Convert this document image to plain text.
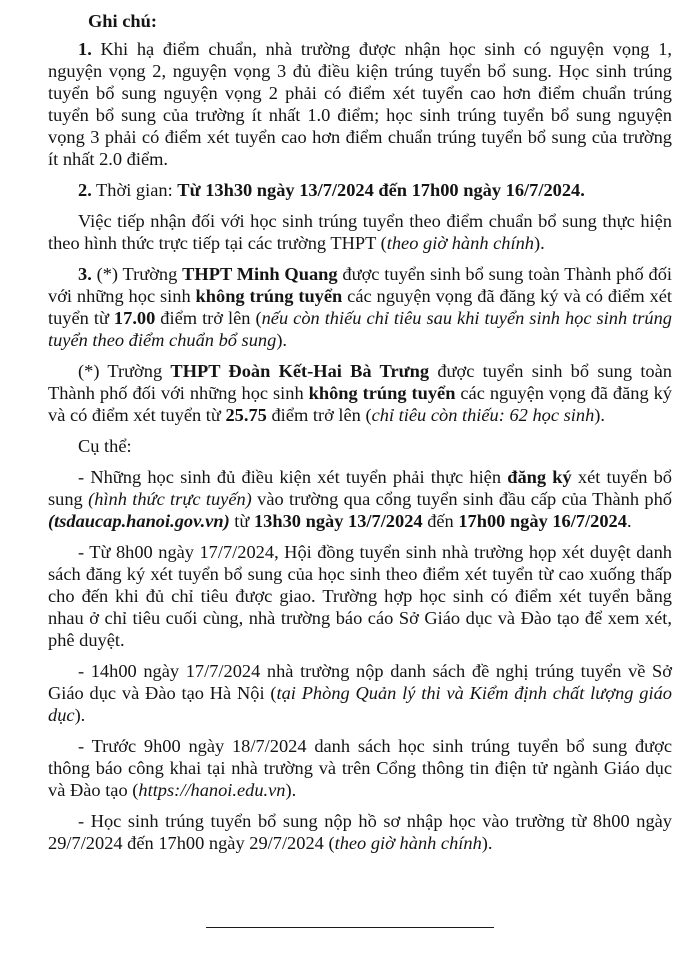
Ghi chú:

1. Khi hạ điểm chuẩn, nhà trường được nhận học sinh có nguyện vọng 1, nguyện vọng 2, nguyện vọng 3 đủ điều kiện trúng tuyển bổ sung. Học sinh trúng tuyển bổ sung nguyện vọng 2 phải có điểm xét tuyển cao hơn điểm chuẩn trúng tuyển bổ sung của trường ít nhất 1.0 điểm; học sinh trúng tuyển bổ sung nguyện vọng 3 phải có điểm xét tuyển cao hơn điểm chuẩn trúng tuyển bổ sung của trường ít nhất 2.0 điểm.

2. Thời gian: Từ 13h30 ngày 13/7/2024 đến 17h00 ngày 16/7/2024.

Việc tiếp nhận đối với học sinh trúng tuyển theo điểm chuẩn bổ sung thực hiện theo hình thức trực tiếp tại các trường THPT (theo giờ hành chính).

3. (*) Trường THPT Minh Quang được tuyển sinh bổ sung toàn Thành phố đối với những học sinh không trúng tuyển các nguyện vọng đã đăng ký và có điểm xét tuyển từ 17.00 điểm trở lên (nếu còn thiếu chỉ tiêu sau khi tuyển sinh học sinh trúng tuyển theo điểm chuẩn bổ sung).

(*) Trường THPT Đoàn Kết-Hai Bà Trưng được tuyển sinh bổ sung toàn Thành phố đối với những học sinh không trúng tuyển các nguyện vọng đã đăng ký và có điểm xét tuyển từ 25.75 điểm trở lên (chỉ tiêu còn thiếu: 62 học sinh).

Cụ thể:

- Những học sinh đủ điều kiện xét tuyển phải thực hiện đăng ký xét tuyển bổ sung (hình thức trực tuyến) vào trường qua cổng tuyển sinh đầu cấp của Thành phố (tsdaucap.hanoi.gov.vn) từ 13h30 ngày 13/7/2024 đến 17h00 ngày 16/7/2024.

- Từ 8h00 ngày 17/7/2024, Hội đồng tuyển sinh nhà trường họp xét duyệt danh sách đăng ký xét tuyển bổ sung của học sinh theo điểm xét tuyển từ cao xuống thấp cho đến khi đủ chỉ tiêu được giao. Trường hợp học sinh có điểm xét tuyển bằng nhau ở chỉ tiêu cuối cùng, nhà trường báo cáo Sở Giáo dục và Đào tạo để xem xét, phê duyệt.

- 14h00 ngày 17/7/2024 nhà trường nộp danh sách đề nghị trúng tuyển về Sở Giáo dục và Đào tạo Hà Nội (tại Phòng Quản lý thi và Kiểm định chất lượng giáo dục).

- Trước 9h00 ngày 18/7/2024 danh sách học sinh trúng tuyển bổ sung được thông báo công khai tại nhà trường và trên Cổng thông tin điện tử ngành Giáo dục và Đào tạo (https://hanoi.edu.vn).

- Học sinh trúng tuyển bổ sung nộp hồ sơ nhập học vào trường từ 8h00 ngày 29/7/2024 đến 17h00 ngày 29/7/2024 (theo giờ hành chính).
